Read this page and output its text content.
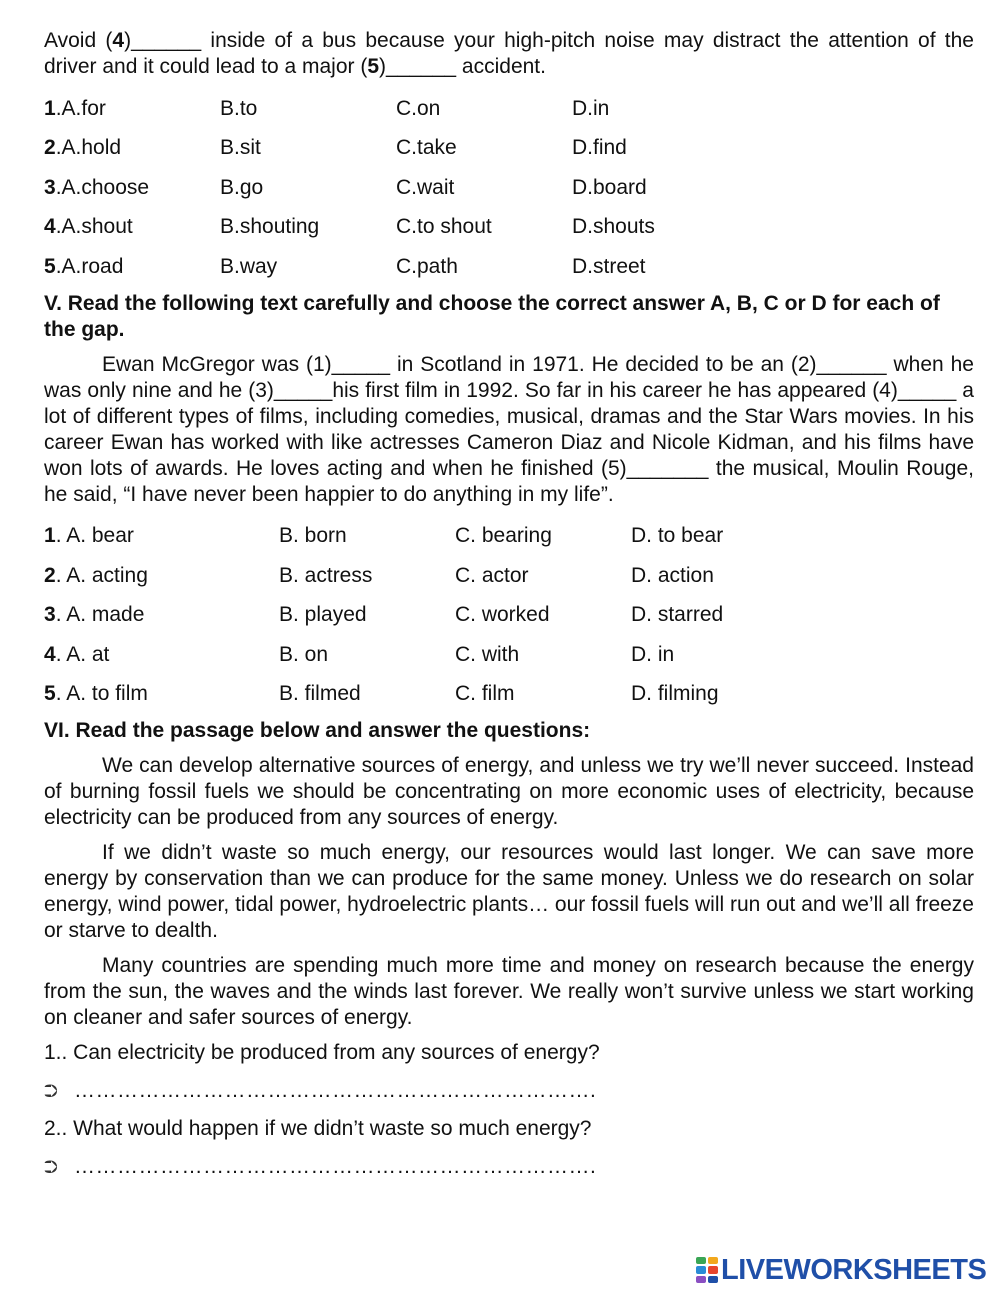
Avoid (4)______ inside of a bus because your high-pitch noise may distract the attention of the driver and it could lead to a major (5)______ accident.

1.A.for	B.to	C.on	D.in
2.A.hold	B.sit	C.take	D.find
3.A.choose	B.go	C.wait	D.board
4.A.shout	B.shouting	C.to shout	D.shouts
5.A.road	B.way	C.path	D.street
V. Read the following text carefully and choose the correct answer A, B, C or D for each of the gap.

Ewan McGregor was (1)_____ in Scotland in 1971. He decided to be an (2)______ when he was only nine and he (3)_____his first film in 1992. So far in his career he has appeared (4)_____ a lot of different types of films, including comedies, musical, dramas and the Star Wars movies. In his career Ewan has worked with like actresses Cameron Diaz and Nicole Kidman, and his films have won lots of awards. He loves acting and when he finished (5)_______ the musical, Moulin Rouge, he said, “I have never been happier to do anything in my life”.

1. A. bear	B. born	C. bearing	D. to bear
2. A. acting	B. actress	C. actor	D. action
3. A. made	B. played	C. worked	D. starred
4. A. at	B. on	C. with	D. in
5. A. to film	B. filmed	C. film	D. filming
VI. Read the passage below and answer the questions:

We can develop alternative sources of energy, and unless we try we’ll never succeed. Instead of burning fossil fuels we should be concentrating on more economic uses of electricity, because electricity can be produced from any sources of energy.

If we didn’t waste so much energy, our resources would last longer. We can save more energy by conservation than we can produce for the same money. Unless we do research on solar energy, wind power, tidal power, hydroelectric plants… our fossil fuels will run out and we’ll all freeze or starve to dealth.

Many countries are spending much more time and money on research because the energy from the sun, the waves and the winds last forever. We really won’t survive unless we start working on cleaner and safer sources of energy.

1.. Can electricity be produced from any sources of energy?
⮊ ……………………………………………………………….
2.. What would happen if we didn’t waste so much energy?
⮊ ……………………………………………………………….
LIVEWORKSHEETS
